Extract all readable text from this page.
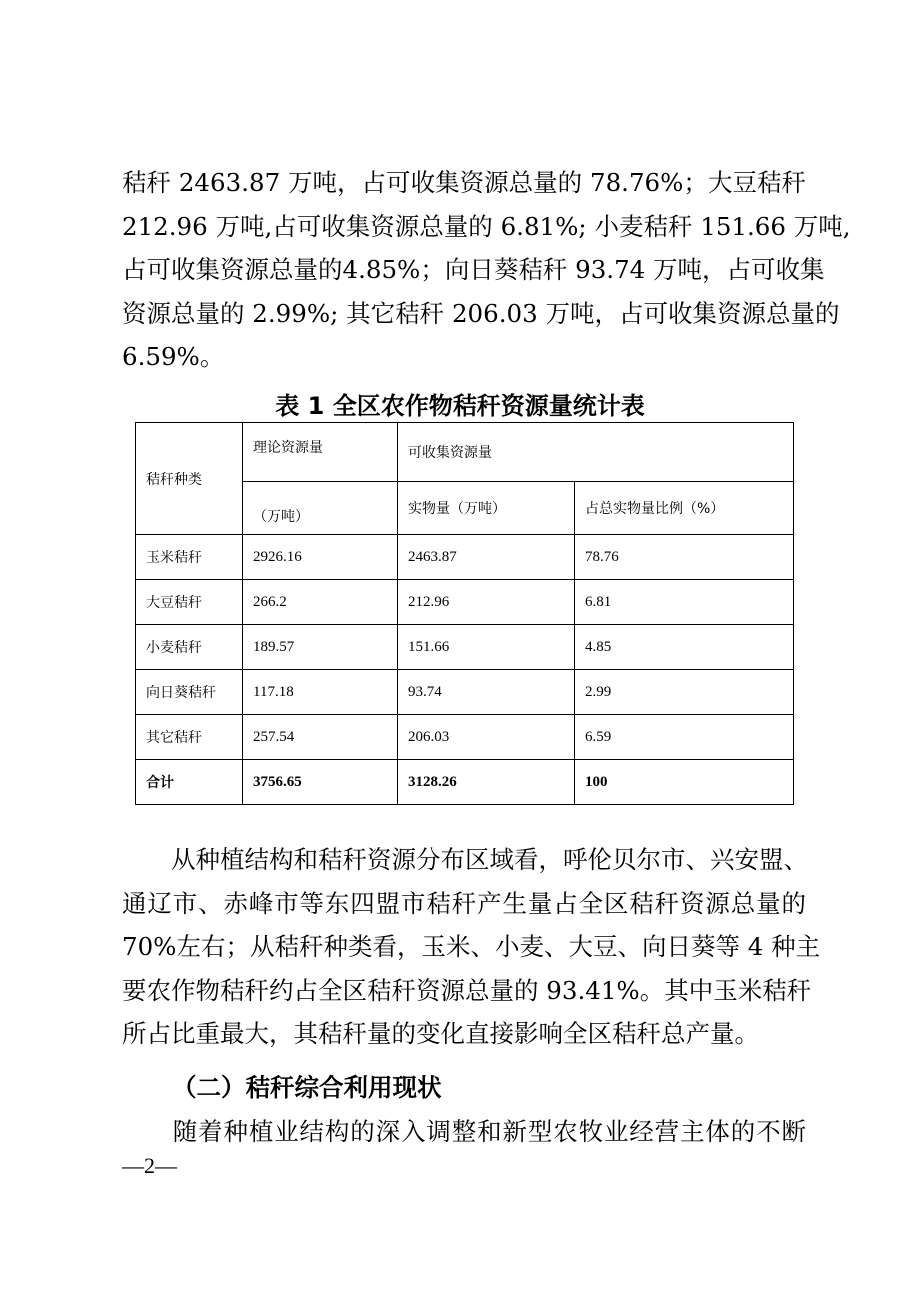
秸秆 2463.87 万吨，占可收集资源总量的 78.76%；大豆秸秆
212.96 万吨,占可收集资源总量的 6.81%; 小麦秸秆 151.66 万吨,
占可收集资源总量的4.85%；向日葵秸秆 93.74 万吨，占可收集
资源总量的 2.99%; 其它秸秆 206.03 万吨，占可收集资源总量的
6.59%。
表 1 全区农作物秸秆资源量统计表
秸秆种类	理论资源量	可收集资源量	
	（万吨）	实物量（万吨）	占总实物量比例（%）
玉米秸秆	2926.16	2463.87	78.76
大豆秸秆	266.2	212.96	6.81
小麦秸秆	189.57	151.66	4.85
向日葵秸秆	117.18	93.74	2.99
其它秸秆	257.54	206.03	6.59
合计	3756.65	3128.26	100
　　从种植结构和秸秆资源分布区域看，呼伦贝尔市、兴安盟、
通辽市、赤峰市等东四盟市秸秆产生量占全区秸秆资源总量的
70%左右；从秸秆种类看，玉米、小麦、大豆、向日葵等 4 种主
要农作物秸秆约占全区秸秆资源总量的 93.41%。其中玉米秸秆
所占比重最大，其秸秆量的变化直接影响全区秸秆总产量。
（二）秸秆综合利用现状
　　随着种植业结构的深入调整和新型农牧业经营主体的不断
—2—
